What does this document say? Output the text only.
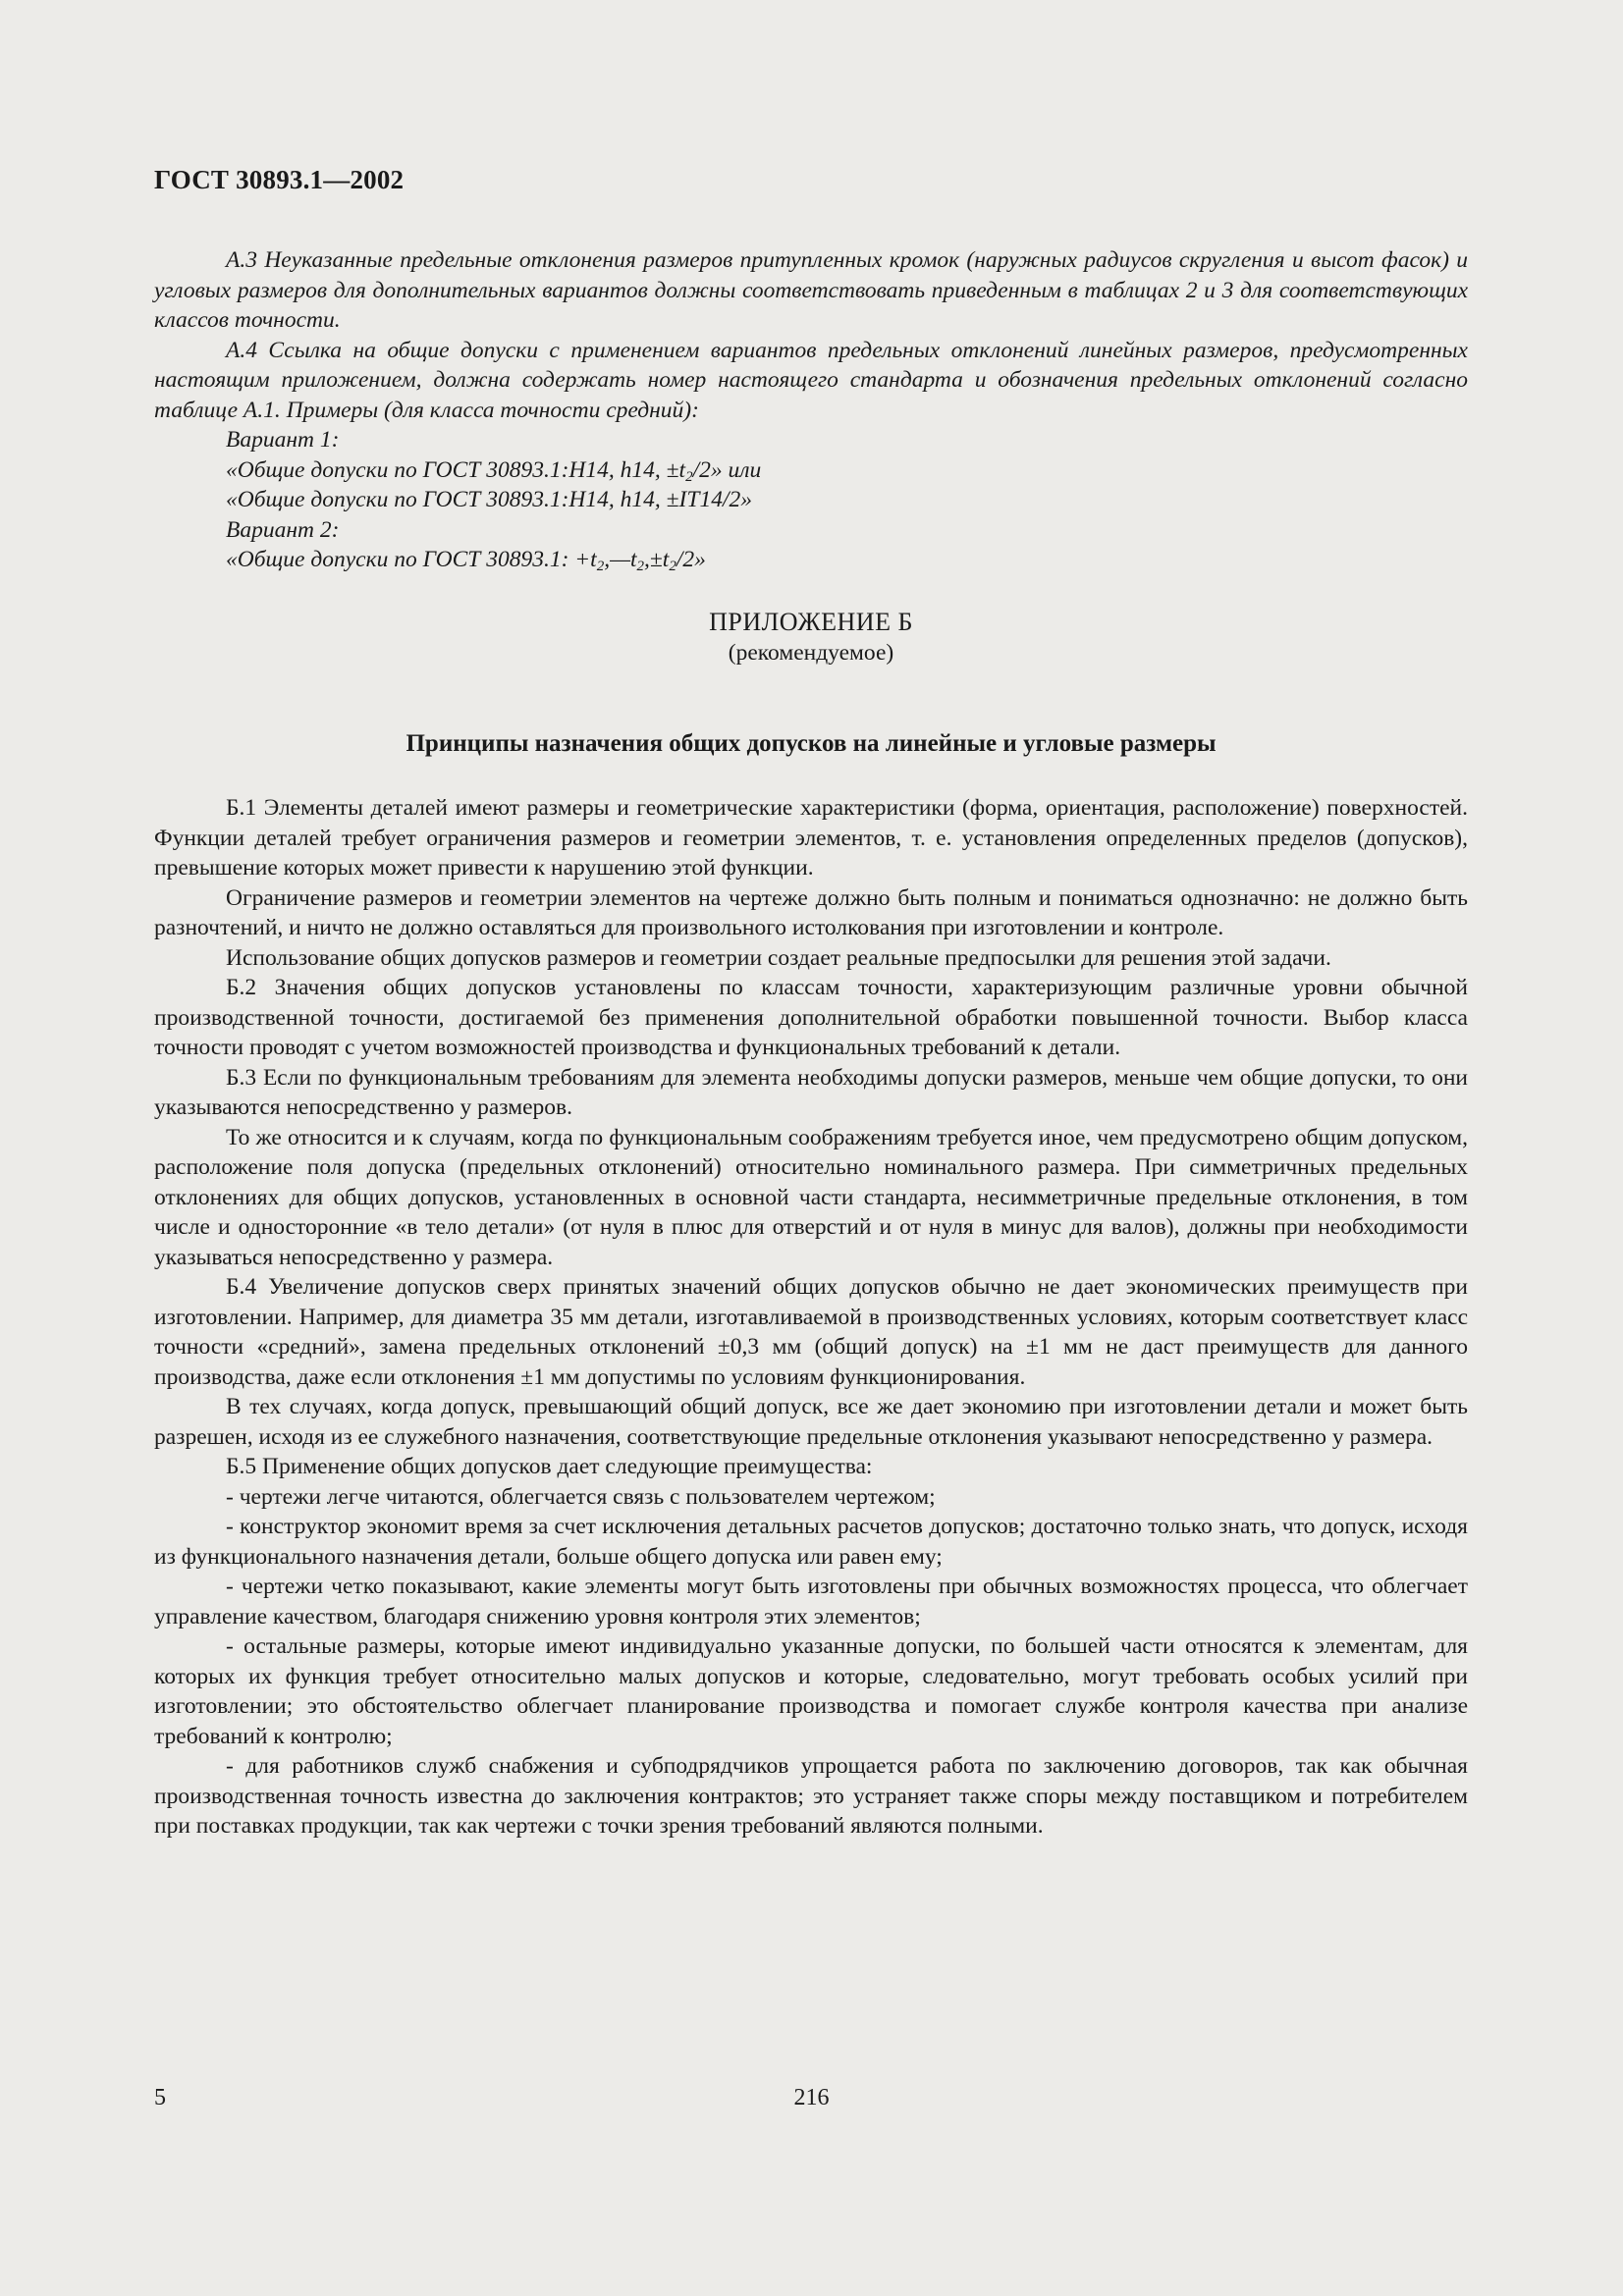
ГОСТ 30893.1—2002

А.3 Неуказанные предельные отклонения размеров притупленных кромок (наружных радиусов скругления и высот фасок) и угловых размеров для дополнительных вариантов должны соответствовать приведенным в таблицах 2 и 3 для соответствующих классов точности.

А.4 Ссылка на общие допуски с применением вариантов предельных отклонений линейных размеров, предусмотренных настоящим приложением, должна содержать номер настоящего стандарта и обозначения предельных отклонений согласно таблице А.1. Примеры (для класса точности средний):

Вариант 1:

«Общие допуски по ГОСТ 30893.1:Н14, h14, $\pm t_2/2$» или

«Общие допуски по ГОСТ 30893.1:Н14, h14, ±IT14/2»

Вариант 2:

«Общие допуски по ГОСТ 30893.1: $+t_2,—t_2,\pm t_2/2$»

ПРИЛОЖЕНИЕ Б
(рекомендуемое)
Принципы назначения общих допусков на линейные и угловые размеры

Б.1 Элементы деталей имеют размеры и геометрические характеристики (форма, ориентация, расположение) поверхностей. Функции деталей требует ограничения размеров и геометрии элементов, т. е. установления определенных пределов (допусков), превышение которых может привести к нарушению этой функции.

Ограничение размеров и геометрии элементов на чертеже должно быть полным и пониматься однозначно: не должно быть разночтений, и ничто не должно оставляться для произвольного истолкования при изготовлении и контроле.

Использование общих допусков размеров и геометрии создает реальные предпосылки для решения этой задачи.

Б.2 Значения общих допусков установлены по классам точности, характеризующим различные уровни обычной производственной точности, достигаемой без применения дополнительной обработки повышенной точности. Выбор класса точности проводят с учетом возможностей производства и функциональных требований к детали.

Б.3 Если по функциональным требованиям для элемента необходимы допуски размеров, меньше чем общие допуски, то они указываются непосредственно у размеров.

То же относится и к случаям, когда по функциональным соображениям требуется иное, чем предусмотрено общим допуском, расположение поля допуска (предельных отклонений) относительно номинального размера. При симметричных предельных отклонениях для общих допусков, установленных в основной части стандарта, несимметричные предельные отклонения, в том числе и односторонние «в тело детали» (от нуля в плюс для отверстий и от нуля в минус для валов), должны при необходимости указываться непосредственно у размера.

Б.4 Увеличение допусков сверх принятых значений общих допусков обычно не дает экономических преимуществ при изготовлении. Например, для диаметра 35 мм детали, изготавливаемой в производственных условиях, которым соответствует класс точности «средний», замена предельных отклонений ±0,3 мм (общий допуск) на ±1 мм не даст преимуществ для данного производства, даже если отклонения ±1 мм допустимы по условиям функционирования.

В тех случаях, когда допуск, превышающий общий допуск, все же дает экономию при изготовлении детали и может быть разрешен, исходя из ее служебного назначения, соответствующие предельные отклонения указывают непосредственно у размера.

Б.5 Применение общих допусков дает следующие преимущества:

- чертежи легче читаются, облегчается связь с пользователем чертежом;

- конструктор экономит время за счет исключения детальных расчетов допусков; достаточно только знать, что допуск, исходя из функционального назначения детали, больше общего допуска или равен ему;

- чертежи четко показывают, какие элементы могут быть изготовлены при обычных возможностях процесса, что облегчает управление качеством, благодаря снижению уровня контроля этих элементов;

- остальные размеры, которые имеют индивидуально указанные допуски, по большей части относятся к элементам, для которых их функция требует относительно малых допусков и которые, следовательно, могут требовать особых усилий при изготовлении; это обстоятельство облегчает планирование производства и помогает службе контроля качества при анализе требований к контролю;

- для работников служб снабжения и субподрядчиков упрощается работа по заключению договоров, так как обычная производственная точность известна до заключения контрактов; это устраняет также споры между поставщиком и потребителем при поставках продукции, так как чертежи с точки зрения требований являются полными.

5	216
